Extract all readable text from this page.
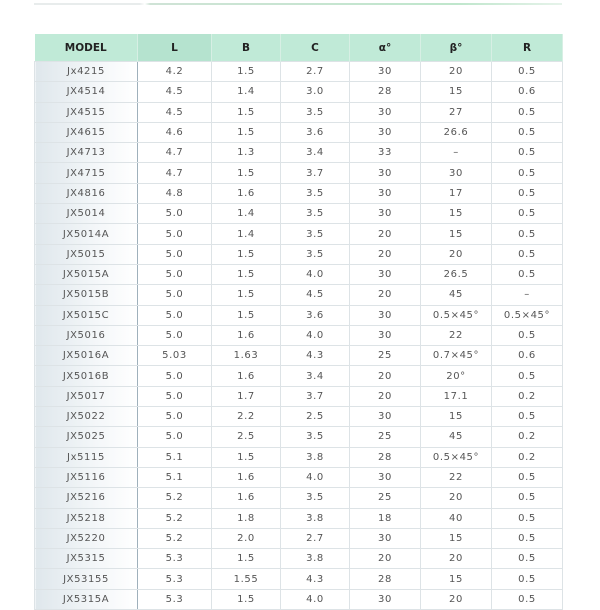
MODEL	L	B	C	α°	β°	R
Jx4215	4.2	1.5	2.7	30	20	0.5
JX4514	4.5	1.4	3.0	28	15	0.6
JX4515	4.5	1.5	3.5	30	27	0.5
JX4615	4.6	1.5	3.6	30	26.6	0.5
JX4713	4.7	1.3	3.4	33	–	0.5
JX4715	4.7	1.5	3.7	30	30	0.5
JX4816	4.8	1.6	3.5	30	17	0.5
JX5014	5.0	1.4	3.5	30	15	0.5
JX5014A	5.0	1.4	3.5	20	15	0.5
JX5015	5.0	1.5	3.5	20	20	0.5
JX5015A	5.0	1.5	4.0	30	26.5	0.5
JX5015B	5.0	1.5	4.5	20	45	–
JX5015C	5.0	1.5	3.6	30	0.5×45°	0.5×45°
JX5016	5.0	1.6	4.0	30	22	0.5
JX5016A	5.03	1.63	4.3	25	0.7×45°	0.6
JX5016B	5.0	1.6	3.4	20	20°	0.5
JX5017	5.0	1.7	3.7	20	17.1	0.2
JX5022	5.0	2.2	2.5	30	15	0.5
JX5025	5.0	2.5	3.5	25	45	0.2
Jx5115	5.1	1.5	3.8	28	0.5×45°	0.2
JX5116	5.1	1.6	4.0	30	22	0.5
JX5216	5.2	1.6	3.5	25	20	0.5
JX5218	5.2	1.8	3.8	18	40	0.5
JX5220	5.2	2.0	2.7	30	15	0.5
JX5315	5.3	1.5	3.8	20	20	0.5
JX53155	5.3	1.55	4.3	28	15	0.5
JX5315A	5.3	1.5	4.0	30	20	0.5
